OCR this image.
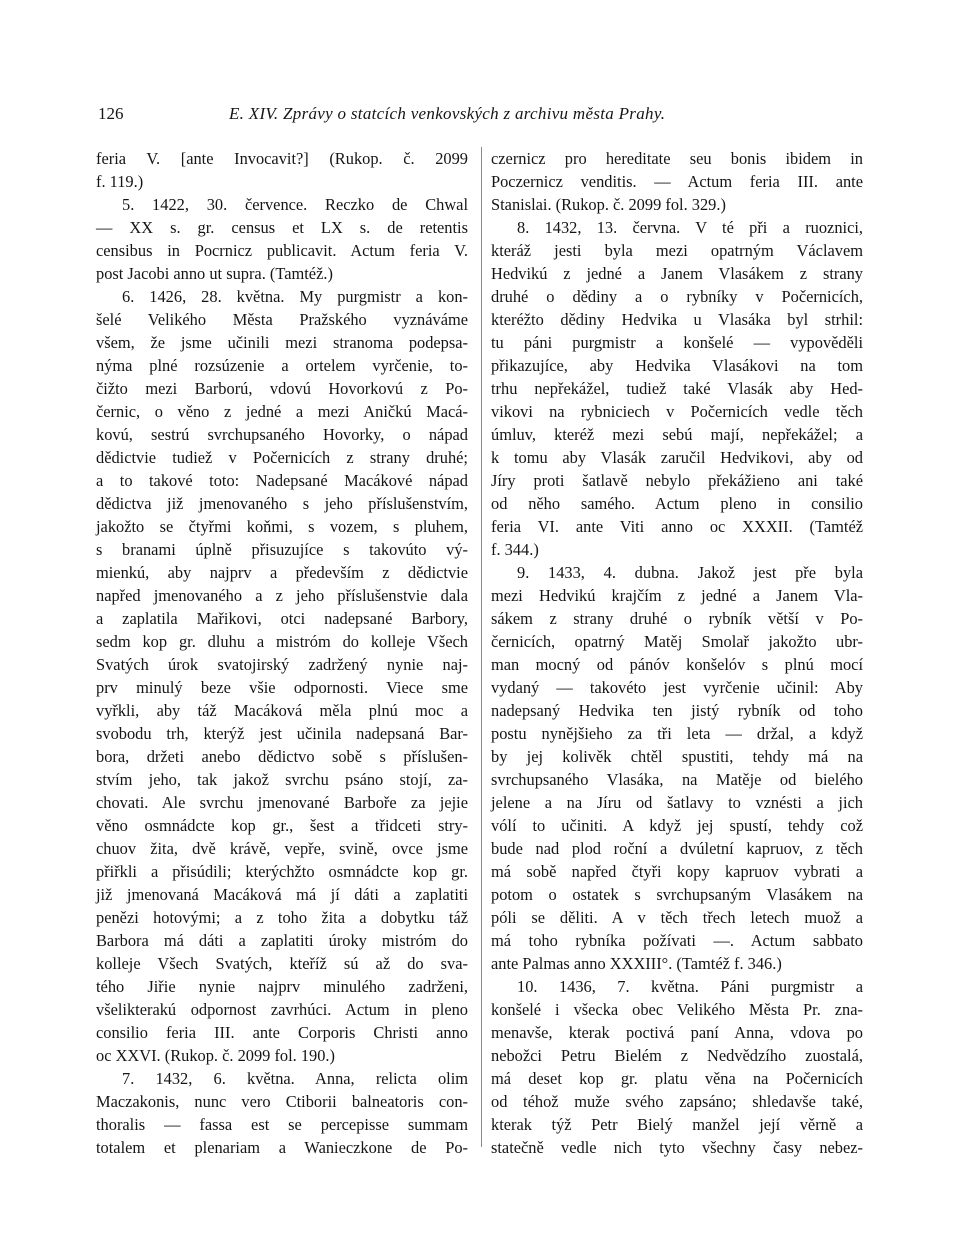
126	E. XIV. Zprávy o statcích venkovských z archivu města Prahy.
feria V. [ante Invocavit?] (Rukop. č. 2099
f. 119.)
5. 1422, 30. července. Reczko de Chwal
— XX s. gr. census et LX s. de retentis
censibus in Pocrnicz publicavit. Actum feria V.
post Jacobi anno ut supra. (Tamtéž.)
6. 1426, 28. května. My purgmistr a kon-
šelé Velikého Města Pražského vyznáváme
všem, že jsme učinili mezi stranoma podepsa-
nýma plné rozsúzenie a ortelem vyrčenie, to-
čižto mezi Barború, vdovú Hovorkovú z Po-
černic, o věno z jedné a mezi Aničkú Macá-
kovú, sestrú svrchupsaného Hovorky, o nápad
dědictvie tudiež v Počernicích z strany druhé;
a to takové toto: Nadepsané Macákové nápad
dědictva již jmenovaného s jeho příslušenstvím,
jakožto se čtyřmi koňmi, s vozem, s pluhem,
s branami úplně přisuzujíce s takovúto vý-
mienkú, aby najprv a především z dědictvie
napřed jmenovaného a z jeho příslušenstvie dala
a zaplatila Mařikovi, otci nadepsané Barbory,
sedm kop gr. dluhu a mistróm do kolleje Všech
Svatých úrok svatojirský zadržený nynie naj-
prv minulý beze všie odpornosti. Viece sme
vyřkli, aby táž Macáková měla plnú moc a
svobodu trh, kterýž jest učinila nadepsaná Bar-
bora, držeti anebo dědictvo sobě s příslušen-
stvím jeho, tak jakož svrchu psáno stojí, za-
chovati. Ale svrchu jmenované Barboře za jejie
věno osmnádcte kop gr., šest a třidceti stry-
chuov žita, dvě krávě, vepře, svině, ovce jsme
přiřkli a přisúdili; kterýchžto osmnádcte kop gr.
již jmenovaná Macáková má jí dáti a zaplatiti
penězi hotovými; a z toho žita a dobytku táž
Barbora má dáti a zaplatiti úroky mistróm do
kolleje Všech Svatých, kteříž sú až do sva-
tého Jiřie nynie najprv minulého zadrženi,
všelikterakú odpornost zavrhúci. Actum in pleno
consilio feria III. ante Corporis Christi anno
oc XXVI. (Rukop. č. 2099 fol. 190.)
7. 1432, 6. května. Anna, relicta olim
Maczakonis, nunc vero Ctiborii balneatoris con-
thoralis — fassa est se percepisse summam
totalem et plenariam a Wanieczkone de Po-
czernicz pro hereditate seu bonis ibidem in
Poczernicz venditis. — Actum feria III. ante
Stanislai. (Rukop. č. 2099 fol. 329.)
8. 1432, 13. června. V té při a ruoznici,
kteráž jesti byla mezi opatrným Václavem
Hedvikú z jedné a Janem Vlasákem z strany
druhé o dědiny a o rybníky v Počernicích,
kteréžto dědiny Hedvika u Vlasáka byl strhil:
tu páni purgmistr a konšelé — vypověděli
přikazujíce, aby Hedvika Vlasákovi na tom
trhu nepřekážel, tudiež také Vlasák aby Hed-
vikovi na rybniciech v Počernicích vedle těch
úmluv, kteréž mezi sebú mají, nepřekážel; a
k tomu aby Vlasák zaručil Hedvikovi, aby od
Jíry proti šatlavě nebylo překážieno ani také
od něho samého. Actum pleno in consilio
feria VI. ante Viti anno oc XXXII. (Tamtéž
f. 344.)
9. 1433, 4. dubna. Jakož jest pře byla
mezi Hedvikú krajčím z jedné a Janem Vla-
sákem z strany druhé o rybník větší v Po-
černicích, opatrný Matěj Smolař jakožto ubr-
man mocný od pánóv konšelóv s plnú mocí
vydaný — takovéto jest vyrčenie učinil: Aby
nadepsaný Hedvika ten jistý rybník od toho
postu nynějšieho za tři leta — držal, a když
by jej kolivěk chtěl spustiti, tehdy má na
svrchupsaného Vlasáka, na Matěje od bielého
jelene a na Jíru od šatlavy to vznésti a jich
vólí to učiniti. A když jej spustí, tehdy což
bude nad plod roční a dvúletní kapruov, z těch
má sobě napřed čtyři kopy kapruov vybrati a
potom o ostatek s svrchupsaným Vlasákem na
póli se děliti. A v těch třech letech muož a
má toho rybníka požívati —. Actum sabbato
ante Palmas anno XXXIII°. (Tamtéž f. 346.)
10. 1436, 7. května. Páni purgmistr a
konšelé i všecka obec Velikého Města Pr. zna-
menavše, kterak poctivá paní Anna, vdova po
nebožci Petru Bielém z Nedvědzího zuostalá,
má deset kop gr. platu věna na Počernicích
od téhož muže svého zapsáno; shledavše také,
kterak týž Petr Bielý manžel její věrně a
statečně vedle nich tyto všechny časy nebez-
